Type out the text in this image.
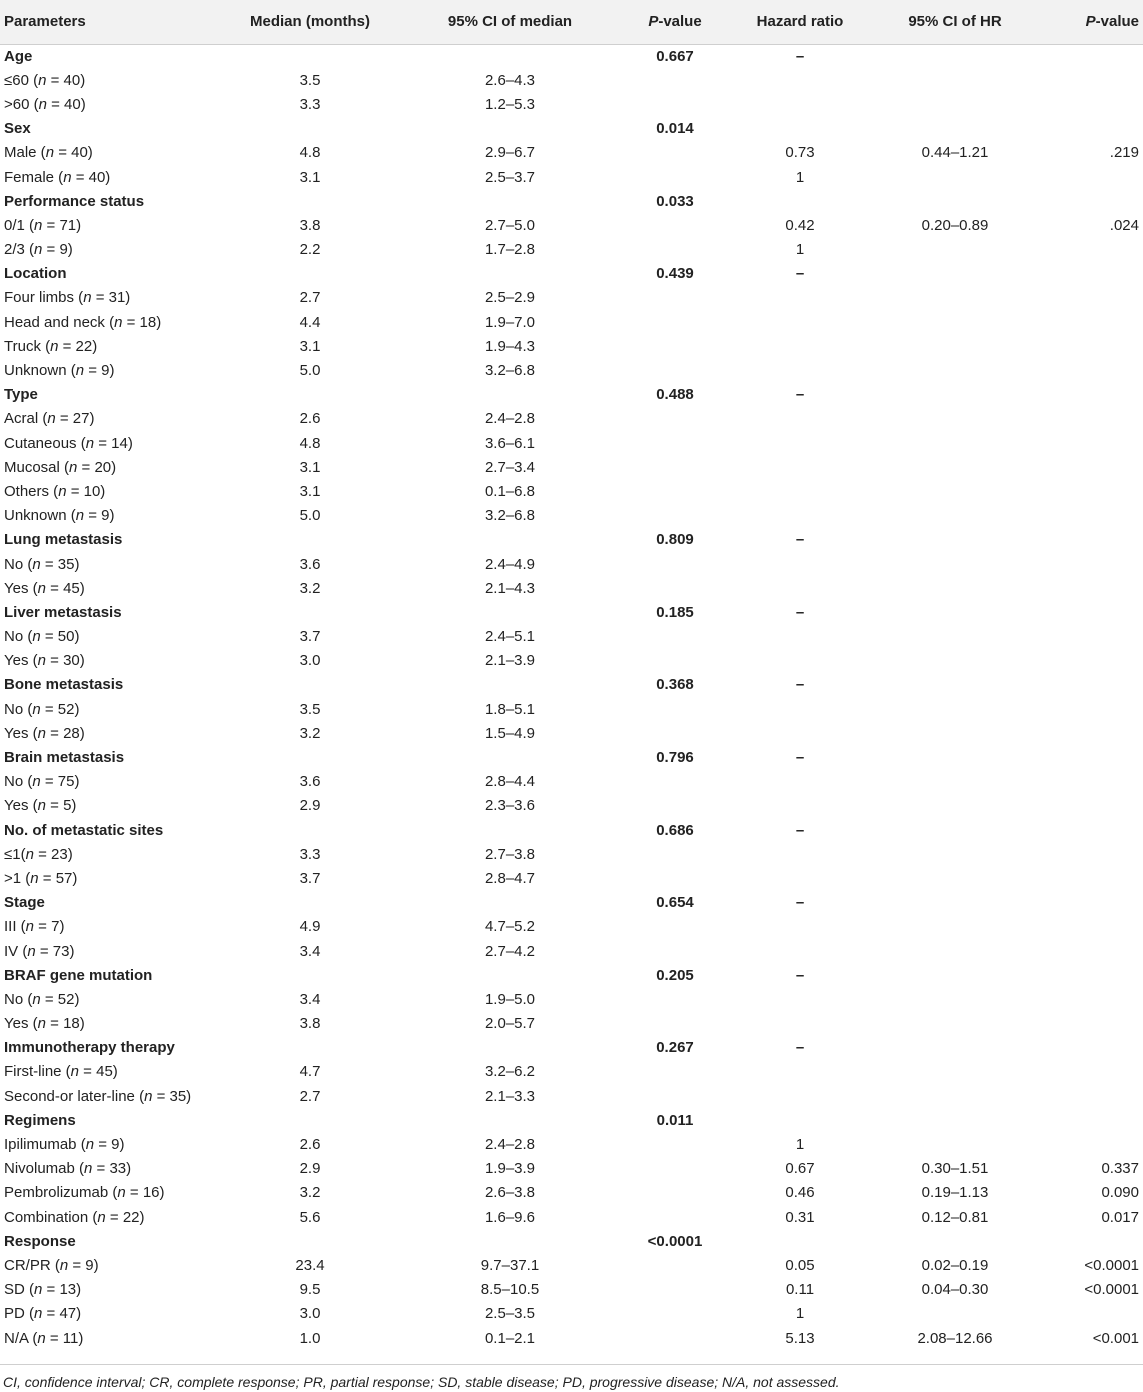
Parameters	Median (months)	95% CI of median	P-value	Hazard ratio	95% CI of HR	P-value
Age			0.667	–		
≤60 (n = 40)	3.5	2.6–4.3				
>60 (n = 40)	3.3	1.2–5.3				
Sex			0.014			
Male (n = 40)	4.8	2.9–6.7		0.73	0.44–1.21	.219
Female (n = 40)	3.1	2.5–3.7		1		
Performance status			0.033			
0/1 (n = 71)	3.8	2.7–5.0		0.42	0.20–0.89	.024
2/3 (n = 9)	2.2	1.7–2.8		1		
Location			0.439	–		
Four limbs (n = 31)	2.7	2.5–2.9				
Head and neck (n = 18)	4.4	1.9–7.0				
Truck (n = 22)	3.1	1.9–4.3				
Unknown (n = 9)	5.0	3.2–6.8				
Type			0.488	–		
Acral (n = 27)	2.6	2.4–2.8				
Cutaneous (n = 14)	4.8	3.6–6.1				
Mucosal (n = 20)	3.1	2.7–3.4				
Others (n = 10)	3.1	0.1–6.8				
Unknown (n = 9)	5.0	3.2–6.8				
Lung metastasis			0.809	–		
No (n = 35)	3.6	2.4–4.9				
Yes (n = 45)	3.2	2.1–4.3				
Liver metastasis			0.185	–		
No (n = 50)	3.7	2.4–5.1				
Yes (n = 30)	3.0	2.1–3.9				
Bone metastasis			0.368	–		
No (n = 52)	3.5	1.8–5.1				
Yes (n = 28)	3.2	1.5–4.9				
Brain metastasis			0.796	–		
No (n = 75)	3.6	2.8–4.4				
Yes (n = 5)	2.9	2.3–3.6				
No. of metastatic sites			0.686	–		
≤1(n = 23)	3.3	2.7–3.8				
>1 (n = 57)	3.7	2.8–4.7				
Stage			0.654	–		
III (n = 7)	4.9	4.7–5.2				
IV (n = 73)	3.4	2.7–4.2				
BRAF gene mutation			0.205	–		
No (n = 52)	3.4	1.9–5.0				
Yes (n = 18)	3.8	2.0–5.7				
Immunotherapy therapy			0.267	–		
First-line (n = 45)	4.7	3.2–6.2				
Second-or later-line (n = 35)	2.7	2.1–3.3				
Regimens			0.011			
Ipilimumab (n = 9)	2.6	2.4–2.8		1		
Nivolumab (n = 33)	2.9	1.9–3.9		0.67	0.30–1.51	0.337
Pembrolizumab (n = 16)	3.2	2.6–3.8		0.46	0.19–1.13	0.090
Combination (n = 22)	5.6	1.6–9.6		0.31	0.12–0.81	0.017
Response			<0.0001			
CR/PR (n = 9)	23.4	9.7–37.1		0.05	0.02–0.19	<0.0001
SD (n = 13)	9.5	8.5–10.5		0.11	0.04–0.30	<0.0001
PD (n = 47)	3.0	2.5–3.5		1		
N/A (n = 11)	1.0	0.1–2.1		5.13	2.08–12.66	<0.001
CI, confidence interval; CR, complete response; PR, partial response; SD, stable disease; PD, progressive disease; N/A, not assessed.
